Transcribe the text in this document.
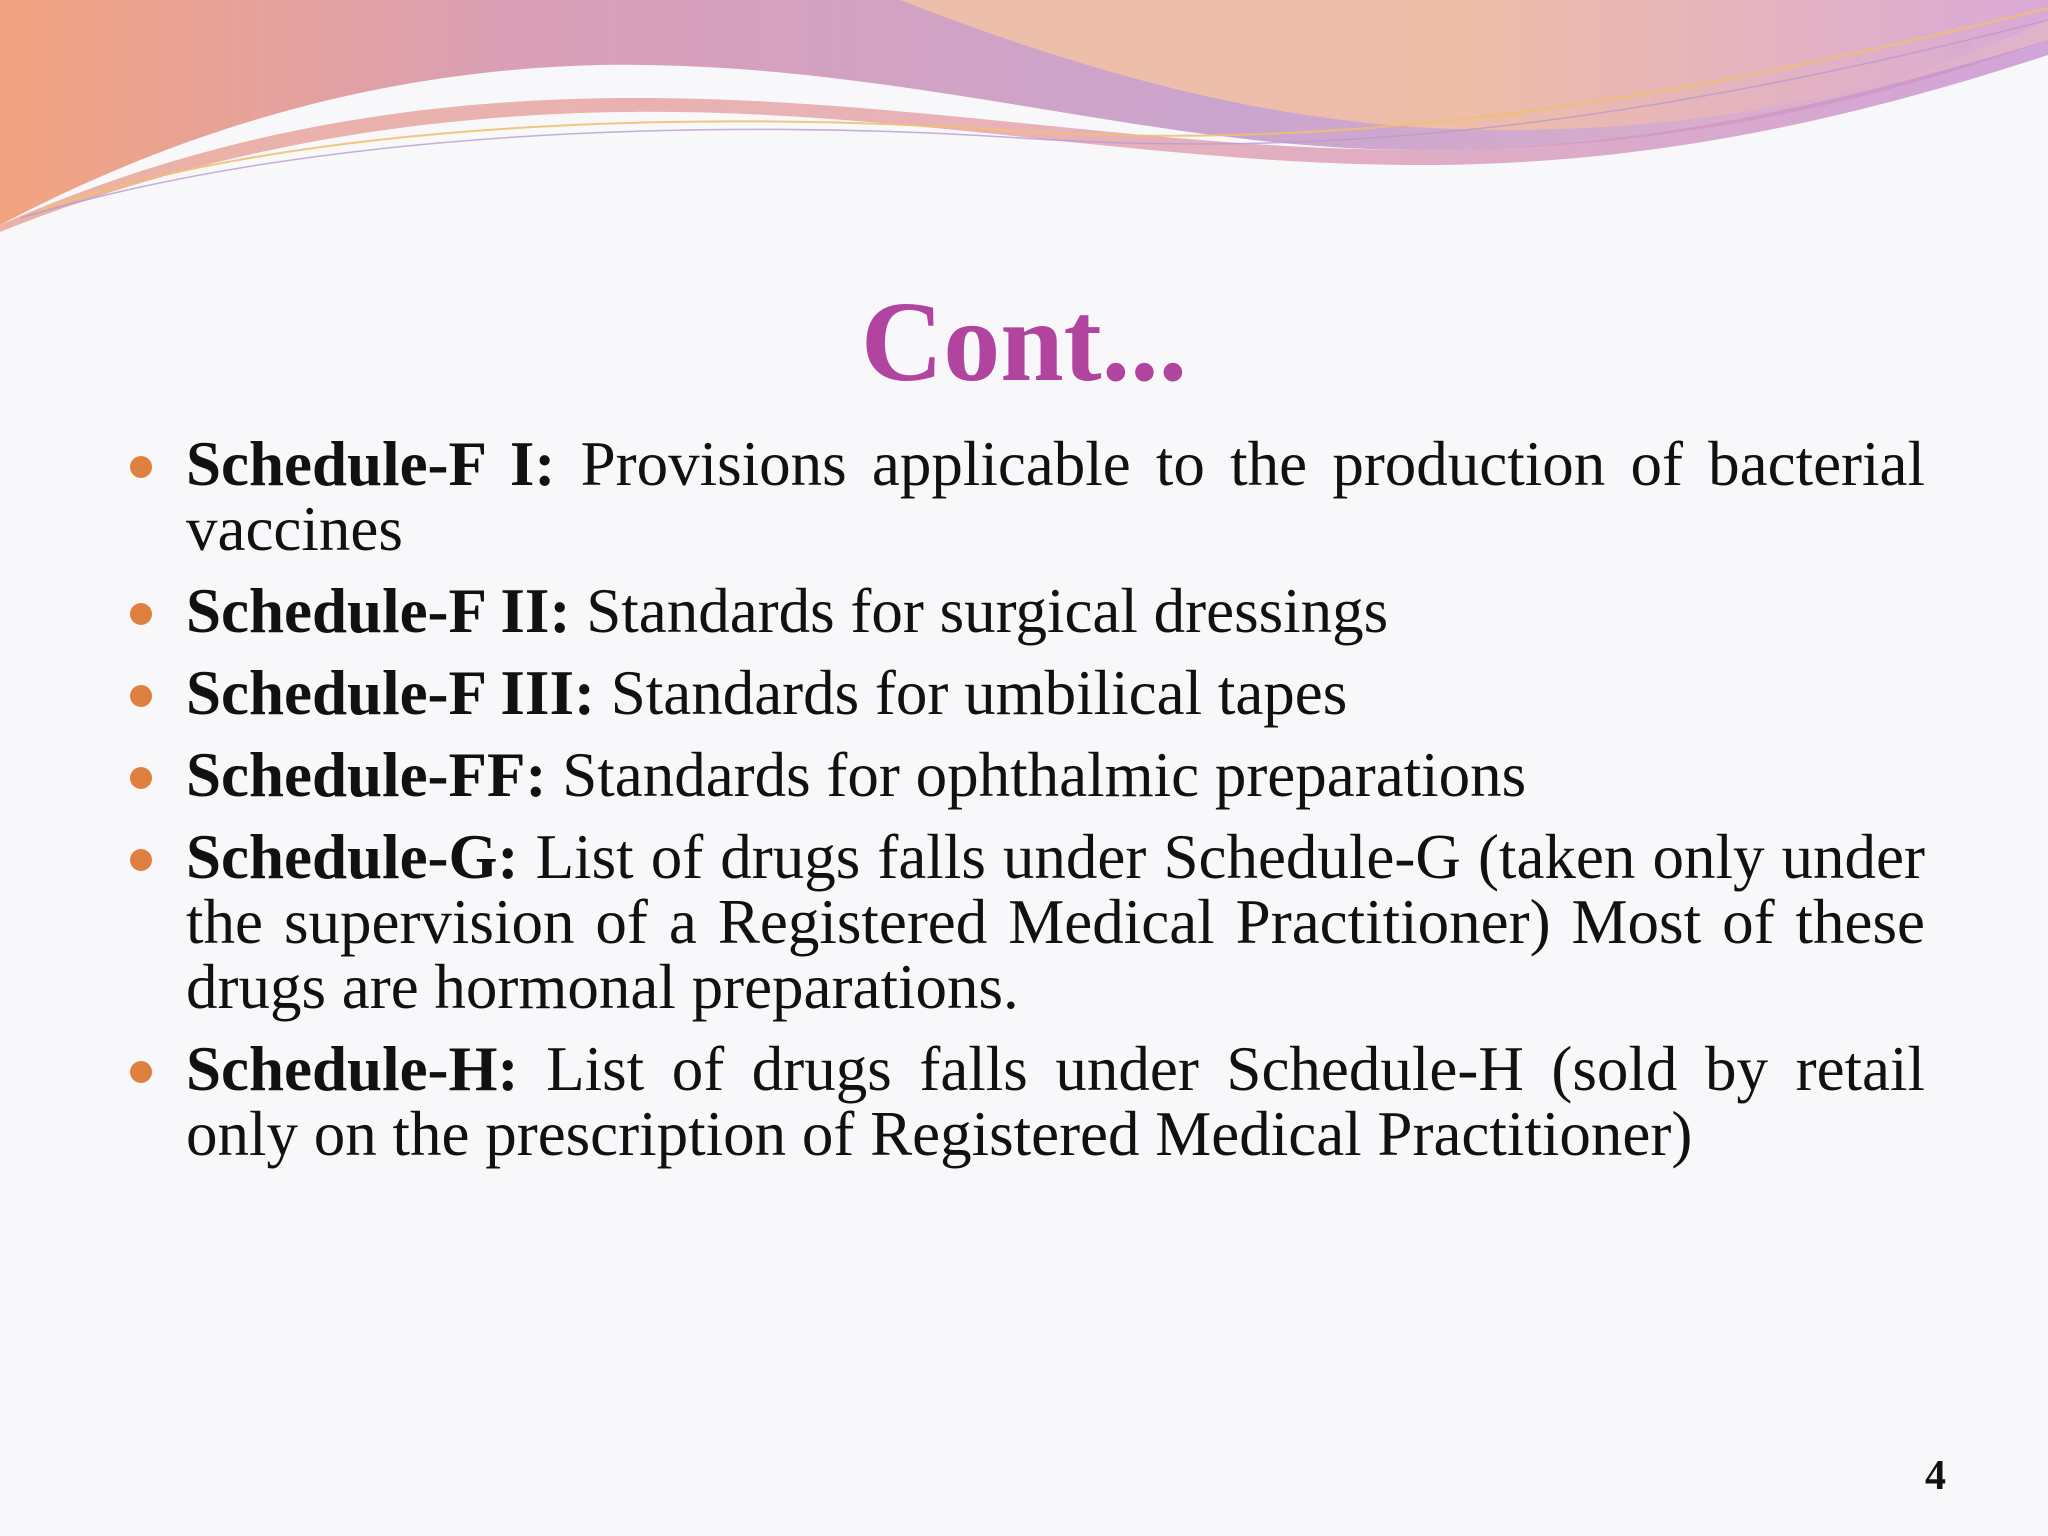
Cont...
Schedule-F I: Provisions applicable to the production of bacterial vaccines
Schedule-F II: Standards for surgical dressings
Schedule-F III: Standards for umbilical tapes
Schedule-FF: Standards for ophthalmic preparations
Schedule-G: List of drugs falls under Schedule-G (taken only under the supervision of a Registered Medical Practitioner) Most of these drugs are hormonal preparations.
Schedule-H: List of drugs falls under Schedule-H (sold by retail only on the prescription of Registered Medical Practitioner)
4
